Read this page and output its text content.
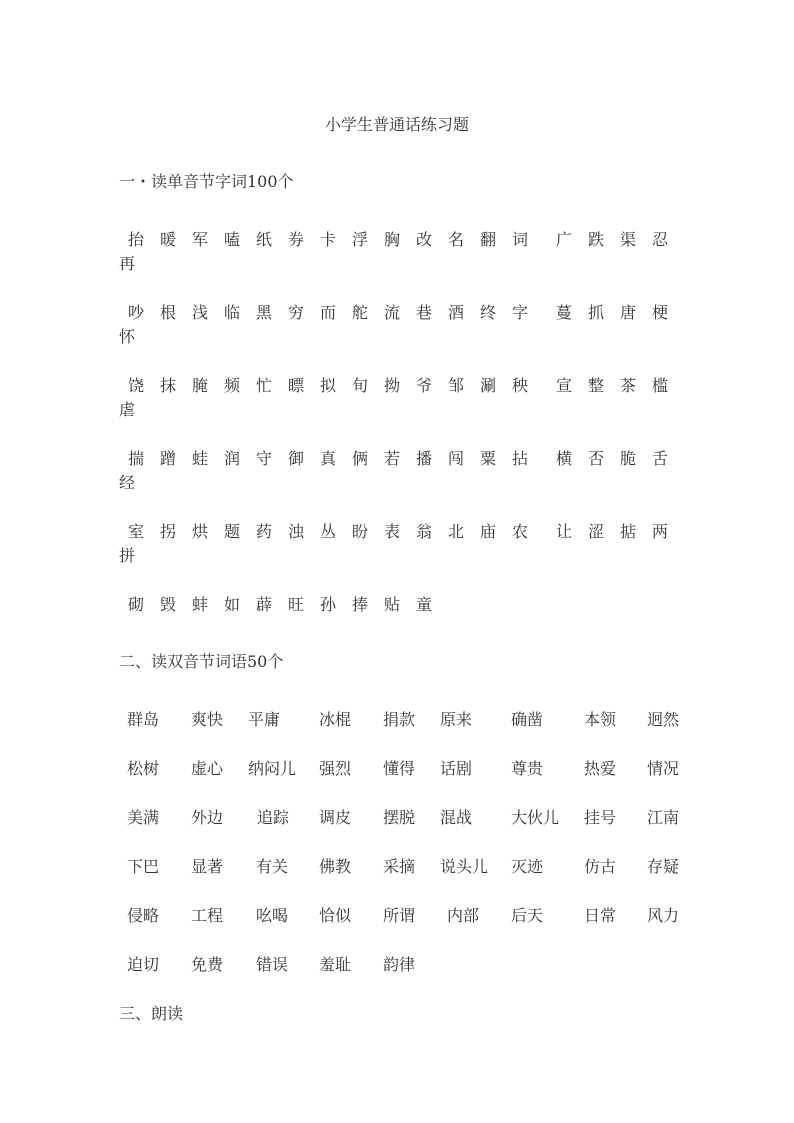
小学生普通话练习题
一・读单音节字词100个
抬 暖 军 嗑 纸 券 卡 浮 胸 改 名 翻 词 广 跌 渠 忍
再
吵 根 浅 临 黑 穷 而 舵 流 巷 酒 终 字 蔓 抓 唐 梗
怀
饶 抹 腌 频 忙 瞟 拟 旬 拗 爷 邹 涮 秧 宣 整 茶 槛
虐
揣 蹭 蛙 润 守 御 真 俩 若 播 闯 粟 拈 横 否 脆 舌
经
室 拐 烘 题 药 浊 丛 盼 表 翁 北 庙 农 让 涩 掂 两
拼
砌 毁 蚌 如 薜 旺 孙 捧 贴 童
二、读双音节词语50个
群岛 爽快 平庸 冰棍 捐款 原来 确凿	本领 迥然
松树 虚心 纳闷儿 强烈 懂得 话剧 尊贵	热爱 情况
美满 外边 追踪 调皮 摆脱 混战 大伙儿 挂号 江南
下巴 显著 有关 佛教 采摘 说头儿 灭迹	仿古 存疑
侵略 工程 吆喝 恰似 所谓 内部 后天	日常 风力
迫切 免费 错误 羞耻 韵律
三、朗读
